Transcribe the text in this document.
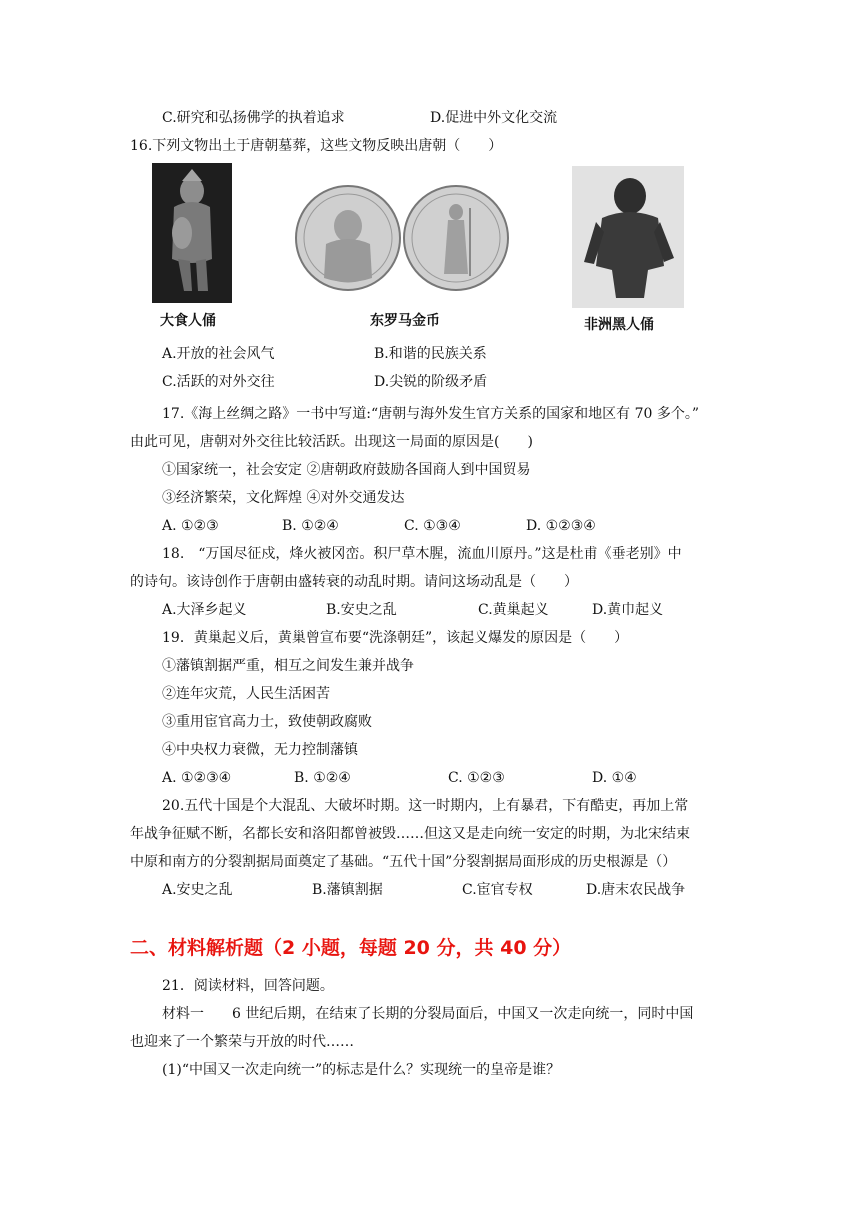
C.研究和弘扬佛学的执着追求	D.促进中外文化交流
16.下列文物出土于唐朝墓葬，这些文物反映出唐朝（　　）
大食人俑	东罗马金币	非洲黑人俑
A.开放的社会风气	B.和谐的民族关系
C.活跃的对外交往	D.尖锐的阶级矛盾
17.《海上丝绸之路》一书中写道:“唐朝与海外发生官方关系的国家和地区有 70 多个。”
由此可见，唐朝对外交往比较活跃。出现这一局面的原因是(　　)
①国家统一，社会安定 ②唐朝政府鼓励各国商人到中国贸易
③经济繁荣，文化辉煌 ④对外交通发达
A. ①②③	B. ①②④	C. ①③④	D. ①②③④
18.　“万国尽征戍，烽火被冈峦。积尸草木腥，流血川原丹。”这是杜甫《垂老别》中
的诗句。该诗创作于唐朝由盛转衰的动乱时期。请问这场动乱是（　　）
A.大泽乡起义	B.安史之乱	C.黄巢起义	D.黄巾起义
19．黄巢起义后，黄巢曾宣布要“洗涤朝廷”，该起义爆发的原因是（　　）
①藩镇割据严重，相互之间发生兼并战争
②连年灾荒，人民生活困苦
③重用宦官高力士，致使朝政腐败
④中央权力衰微，无力控制藩镇
A. ①②③④	B. ①②④	C. ①②③	D. ①④
20.五代十国是个大混乱、大破坏时期。这一时期内，上有暴君，下有酷吏，再加上常
年战争征赋不断，名都长安和洛阳都曾被毁……但这又是走向统一安定的时期，为北宋结束
中原和南方的分裂割据局面奠定了基础。“五代十国”分裂割据局面形成的历史根源是（）
A.安史之乱	B.藩镇割据	C.宦官专权	D.唐末农民战争
二、材料解析题（2 小题，每题 20 分，共 40 分）
21．阅读材料，回答问题。
材料一　　6 世纪后期，在结束了长期的分裂局面后，中国又一次走向统一，同时中国
也迎来了一个繁荣与开放的时代……
(1)“中国又一次走向统一”的标志是什么？实现统一的皇帝是谁？
